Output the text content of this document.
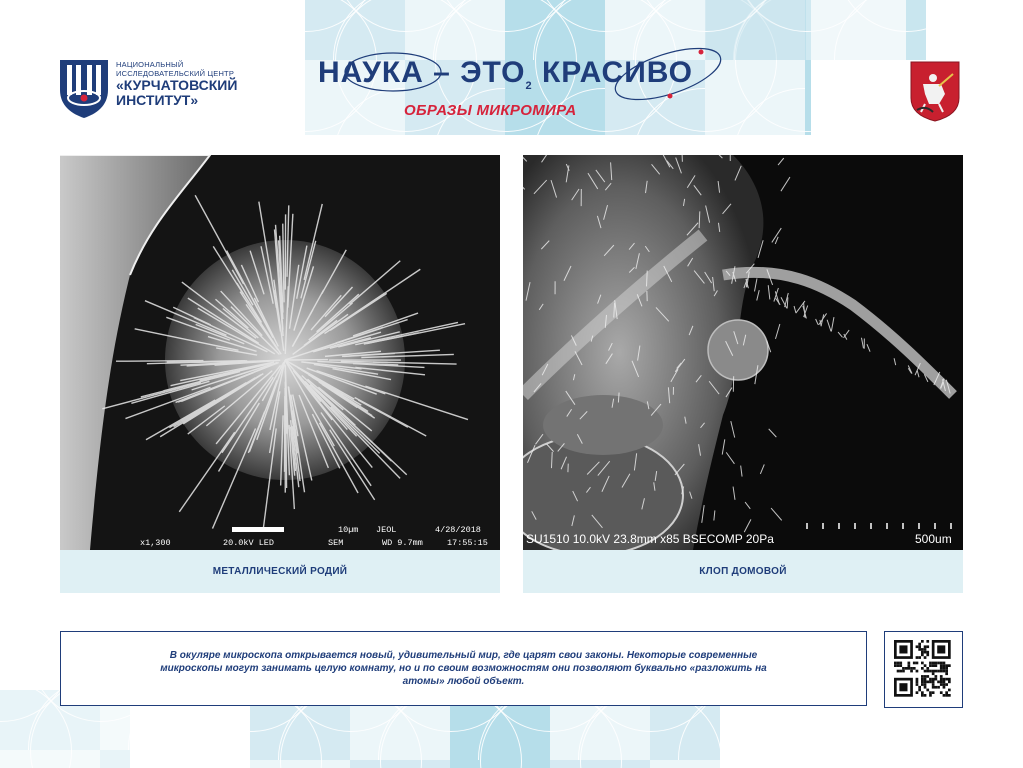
НАЦИОНАЛЬНЫЙ
ИССЛЕДОВАТЕЛЬСКИЙ ЦЕНТР
«КУРЧАТОВСКИЙ
ИНСТИТУТ»
НАУКА – $ЭТО_2$ КРАСИВО
ОБРАЗЫ МИКРОМИРА
10µm JEOL	4/28/2018
x1,300	20.0kV LED	SEM	WD 9.7mm	17:55:15
МЕТАЛЛИЧЕСКИЙ РОДИЙ
SU1510 10.0kV 23.8mm x85 BSECOMP 20Pa	500um
КЛОП ДОМОВОЙ

В окуляре микроскопа открывается новый, удивительный мир, где царят свои законы. Некоторые современные микроскопы могут занимать целую комнату, но и по своим возможностям они позволяют буквально «разложить на атомы» любой объект.
